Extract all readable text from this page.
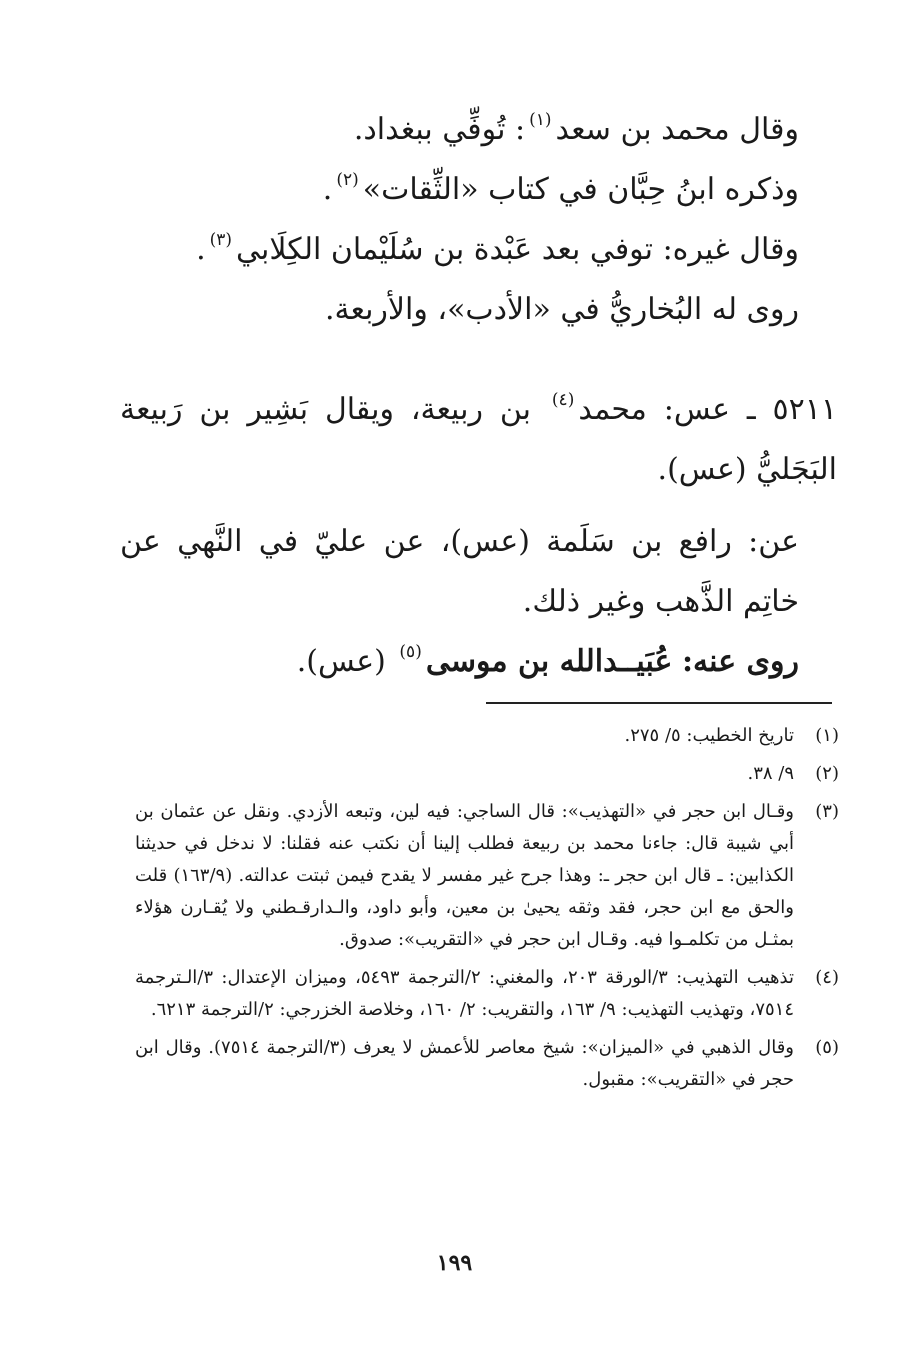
وقال محمد بن سعد$^{(١)}$: تُوفِّي ببغداد.

وذكره ابنُ حِبَّان في كتاب «الثِّقات»$^{(٢)}$.

وقال غيره: توفي بعد عَبْدة بن سُلَيْمان الكِلَابي$^{(٣)}$.

روى له البُخاريُّ في «الأدب»، والأربعة.

٥٢١١ ـ عس: محمد$^{(٤)}$ بن ربيعة، ويقال بَشِير بن رَبيعة البَجَليُّ (عس).

عن: رافع بن سَلَمة (عس)، عن عليّ في النَّهي عن خاتِم الذَّهب وغير ذلك.

روى عنه: عُبَيــدالله بن موسى$^{(٥)}$ (عس).

(١)
تاريخ الخطيب: ٥/ ٢٧٥.
(٢)
٩/ ٣٨.
(٣)
وقـال ابن حجر في «التهذيب»: قال الساجي: فيه لين، وتبعه الأزدي. ونقل عن عثمان بن أبي شيبة قال: جاءنا محمد بن ربيعة فطلب إلينا أن نكتب عنه فقلنا: لا ندخل في حديثنا الكذابين: ـ قال ابن حجر ـ: وهذا جرح غير مفسر لا يقدح فيمن ثبتت عدالته. (١٦٣/٩) قلت والحق مع ابن حجر، فقد وثقه يحيىٰ بن معين، وأبو داود، والـدارقـطني ولا يُقـارن هؤلاء بمثـل من تكلمـوا فيه. وقـال ابن حجر في «التقريب»: صدوق.
(٤)
تذهيب التهذيب: ٣/الورقة ٢٠٣، والمغني: ٢/الترجمة ٥٤٩٣، وميزان الإعتدال: ٣/الـترجمة ٧٥١٤، وتهذيب التهذيب: ٩/ ١٦٣، والتقريب: ٢/ ١٦٠، وخلاصة الخزرجي: ٢/الترجمة ٦٢١٣.
(٥)
وقال الذهبي في «الميزان»: شيخ معاصر للأعمش لا يعرف (٣/الترجمة ٧٥١٤). وقال ابن حجر في «التقريب»: مقبول.
١٩٩
